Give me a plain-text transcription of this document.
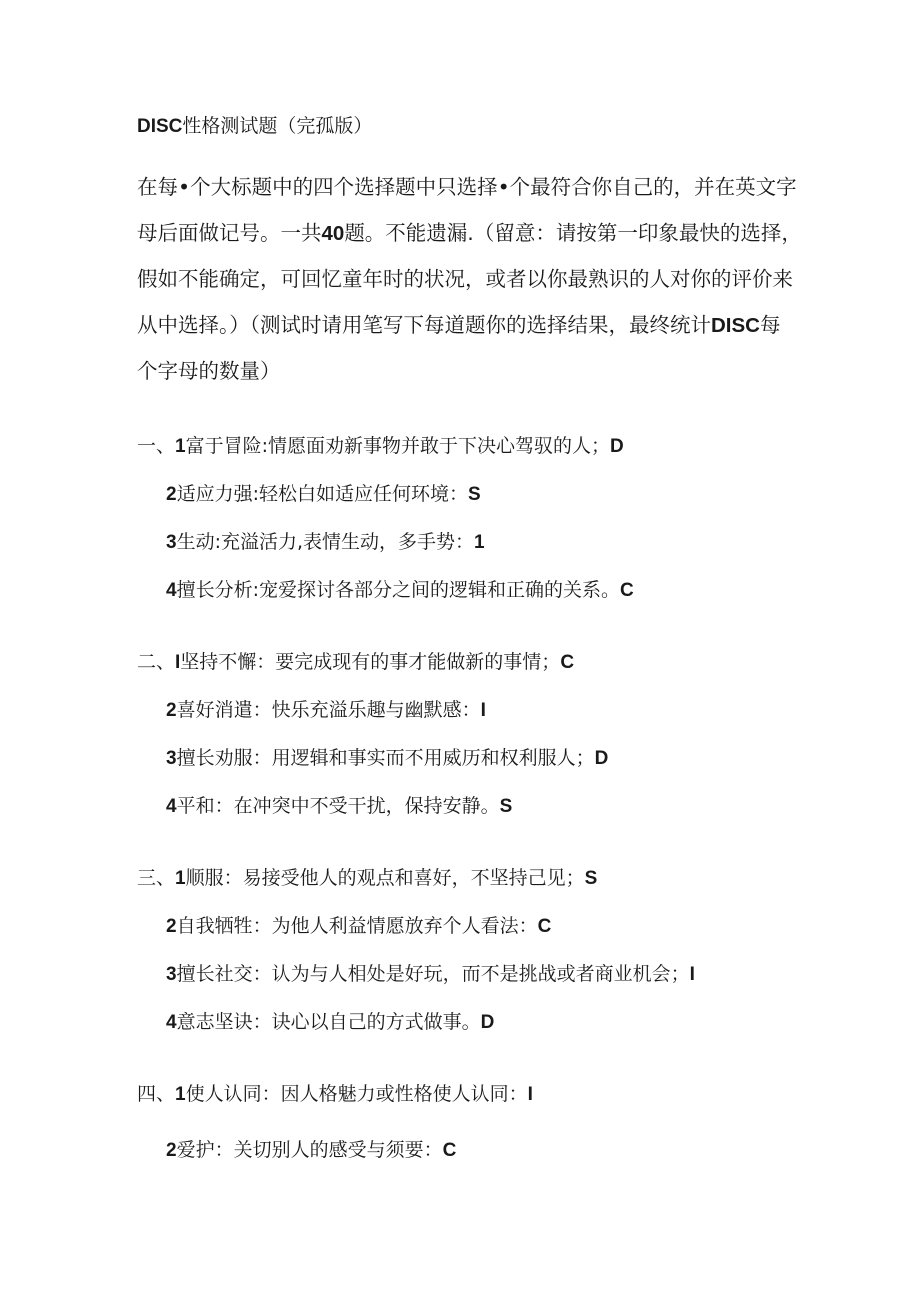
DISC性格测试题（完孤版）
在每•个大标题中的四个选择题中只选择•个最符合你自己的，并在英文字
母后面做记号。一共40题。不能遗漏.（留意：请按第一印象最快的选择，
假如不能确定，可回忆童年时的状况，或者以你最熟识的人对你的评价来
从中选择。）（测试时请用笔写下每道题你的选择结果，最终统计DISC每
个字母的数量）
一、1富于冒险:情愿面劝新事物并敢于下决心驾驭的人；D
2适应力强:轻松白如适应任何环境：S
3生动:充溢活力,表情生动，多手势：1
4擅长分析:宠爱探讨各部分之间的逻辑和正确的关系。C
二、I坚持不懈：要完成现有的事才能做新的事情；C
2喜好消遣：快乐充溢乐趣与幽默感：I
3擅长劝服：用逻辑和事实而不用威历和权利服人；D
4平和：在冲突中不受干扰，保持安静。S
三、1顺服：易接受他人的观点和喜好，不坚持己见；S
2自我牺牲：为他人利益情愿放弃个人看法：C
3擅长社交：认为与人相处是好玩，而不是挑战或者商业机会；I
4意志坚诀：诀心以自己的方式做事。D
四、1使人认同：因人格魅力或性格使人认同：I
2爱护：关切别人的感受与须要：C
